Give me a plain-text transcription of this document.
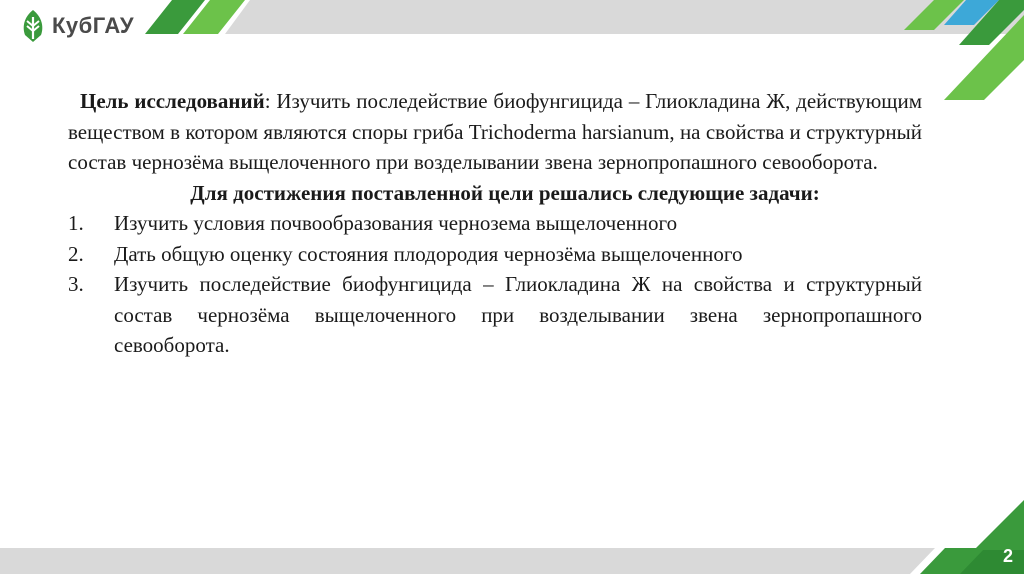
КубГАУ

Цель исследований: Изучить последействие биофунгицида – Глиокладина Ж, действующим веществом в котором являются споры гриба Trichoderma harsianum, на свойства и структурный состав чернозёма выщелоченного при возделывании звена зернопропашного севооборота.

Для достижения поставленной цели решались следующие задачи:

1.	Изучить условия почвообразования чернозема выщелоченного
2.	Дать общую оценку состояния плодородия чернозёма выщелоченного
3.	Изучить последействие биофунгицида – Глиокладина Ж на свойства и структурный состав чернозёма выщелоченного при возделывании звена зернопропашного севооборота.
2
